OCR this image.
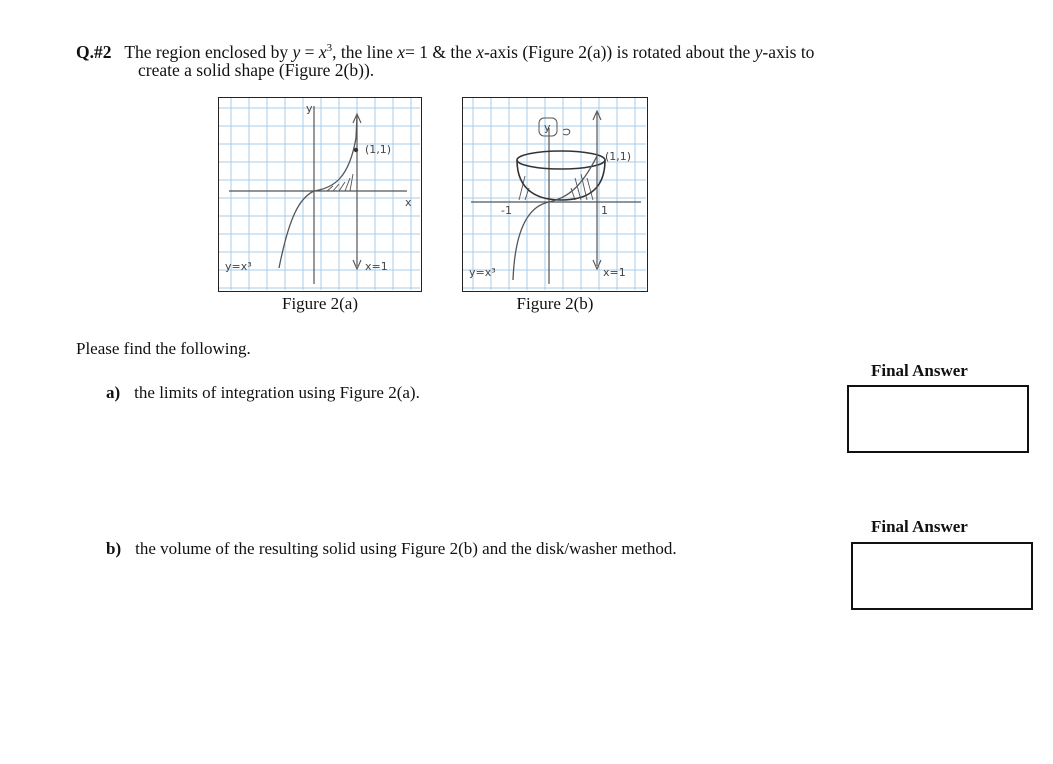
Q.#2 The region enclosed by $y = x^3$, the line x= 1 & the x-axis (Figure 2(a)) is rotated about the y-axis to
create a solid shape (Figure 2(b)).
y
x
(1,1)
y=x³	x=1
Figure 2(a)
y
(1,1)
-1	1
y=x³	x=1
Figure 2(b)
Please find the following.
a) the limits of integration using Figure 2(a).
Final Answer
b) the volume of the resulting solid using Figure 2(b) and the disk/washer method.
Final Answer
